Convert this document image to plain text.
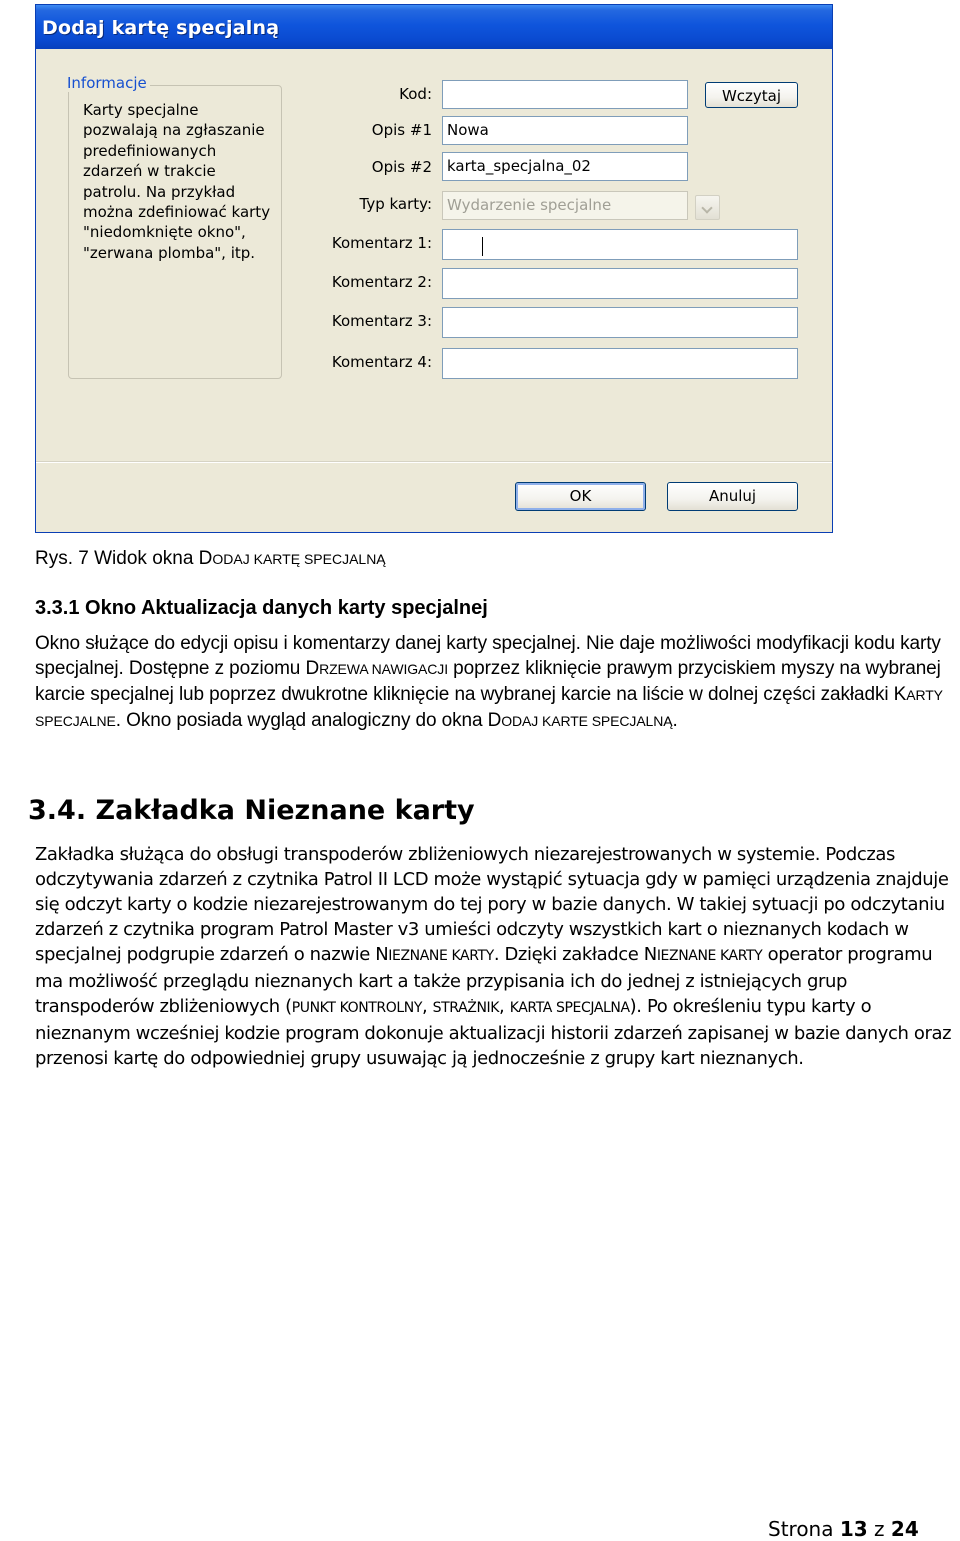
Dodaj kartę specjalną
Informacje
Karty specjalne
pozwalają na zgłaszanie
predefiniowanych
zdarzeń w trakcie
patrolu. Na przykład
można zdefiniować karty
"niedomknięte okno",
"zerwana plomba", itp.
Kod:
Opis #1
Opis #2
Typ karty:
Komentarz 1:
Komentarz 2:
Komentarz 3:
Komentarz 4:
Wczytaj
Nowa
karta_specjalna_02
Wydarzenie specjalne
OK	Anuluj
Rys. 7 Widok okna DODAJ KARTĘ SPECJALNĄ
3.3.1 Okno Aktualizacja danych karty specjalnej
Okno służące do edycji opisu i komentarzy danej karty specjalnej. Nie daje możliwości modyfikacji kodu karty specjalnej. Dostępne z poziomu DRZEWA NAWIGACJI poprzez kliknięcie prawym przyciskiem myszy na wybranej karcie specjalnej lub poprzez dwukrotne kliknięcie na wybranej karcie na liście w dolnej części zakładki KARTY SPECJALNE. Okno posiada wygląd analogiczny do okna DODAJ KARTE SPECJALNĄ.
3.4. Zakładka Nieznane karty
Zakładka służąca do obsługi transpoderów zbliżeniowych niezarejestrowanych w systemie. Podczas odczytywania zdarzeń z czytnika Patrol II LCD może wystąpić sytuacja gdy w pamięci urządzenia znajduje się odczyt karty o kodzie niezarejestrowanym do tej pory w bazie danych. W takiej sytuacji po odczytaniu zdarzeń z czytnika program Patrol Master v3 umieści odczyty wszystkich kart o nieznanych kodach w specjalnej podgrupie zdarzeń o nazwie NIEZNANE KARTY. Dzięki zakładce NIEZNANE KARTY operator programu ma możliwość przeglądu nieznanych kart a także przypisania ich do jednej z istniejących grup transpoderów zbliżeniowych (PUNKT KONTROLNY, STRAŻNIK, KARTA SPECJALNA). Po określeniu typu karty o nieznanym wcześniej kodzie program dokonuje aktualizacji historii zdarzeń zapisanej w bazie danych oraz przenosi kartę do odpowiedniej grupy usuwając ją jednocześnie z grupy kart nieznanych.
Strona 13 z 24
